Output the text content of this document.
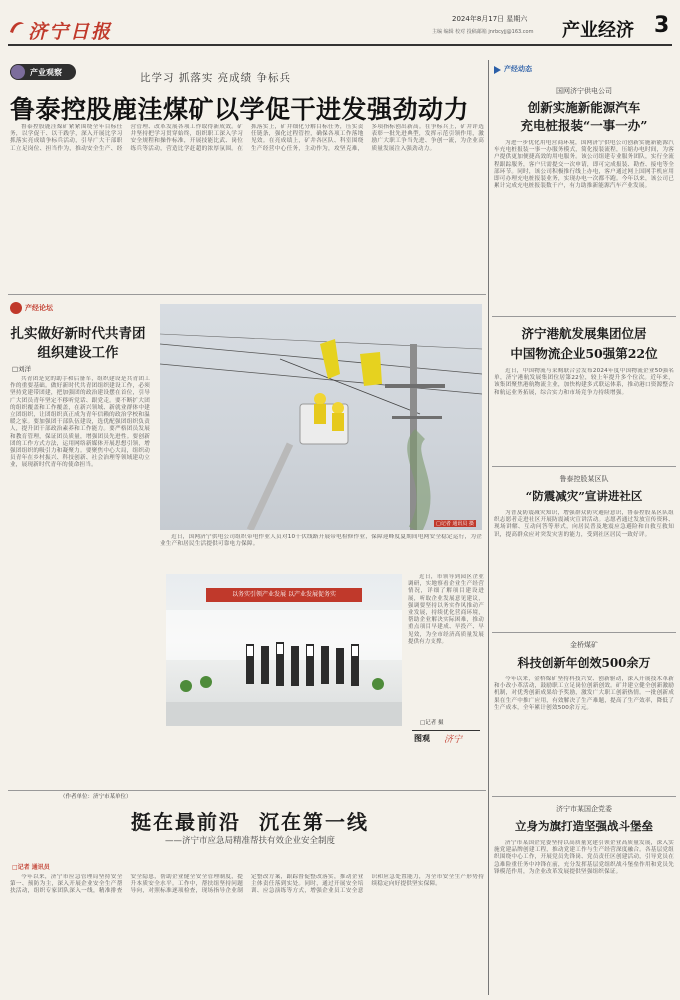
济宁日报
2024年8月17日 星期六
主编 编辑 校对 投稿邮箱 jnrbcyjj@163.com	产业经济 3
产业观察	比学习 抓落实 亮成绩 争标兵
鲁泰控股鹿洼煤矿以学促干进发强劲动力

鲁泰控股鹿洼煤矿紧紧围绕全年目标任务，以学促干、以干践学，深入开展比学习抓落实亮成绩争标兵活动，引导广大干部职工立足岗位、担当作为，推动安全生产、经营管理、改革发展各项工作取得新成效。矿井坚持把学习贯穿始终，组织职工深入学习安全规程和操作标准，开展技能比武、岗位练兵等活动，营造比学赶超的浓厚氛围。在抓落实上，矿井细化分解目标任务，压实责任链条，强化过程管控，确保各项工作落地见效。在亮成绩上，矿井各区队、科室围绕生产经营中心任务，主动作为，攻坚克难，多项指标创出新高。在争标兵上，矿井评选表彰一批先进典型，发挥示范引领作用，激励广大职工争当先进、争创一流，为企业高质量发展注入强劲动力。

产经论坛
扎实做好新时代共青团
组织建设工作
□刘洋

共青团是党的助手和后备军，组织建设是共青团工作的重要基础。做好新时代共青团组织建设工作，必须坚持党建带团建，把加强团的政治建设摆在首位，引导广大团员青年坚定不移听党话、跟党走。要不断扩大团的组织覆盖和工作覆盖，在新兴领域、新就业群体中建立团组织，让团组织真正成为青年信赖的政治学校和温暖之家。要加强团干部队伍建设，选优配强团组织负责人，提升团干部政治素养和工作能力。要严格团员发展和教育管理，保证团员质量，增强团员先进性。要创新团的工作方式方法，运用网络新媒体开展思想引领，增强团组织的吸引力和凝聚力。要聚焦中心大局，组织动员青年在乡村振兴、科技创新、社会治理等领域建功立业，展现新时代青年的使命担当。

（作者单位：济宁市某单位）
□记者 通讯员 摄

近日，国网济宁供电公司组织带电作业人员对10千伏线路开展带电检修作业，保障迎峰度夏期间电网安全稳定运行，为企业生产和居民生活提供可靠电力保障。

以务实引领产业发展 以产业发展促务实

近日，市领导到园区企业调研，实地察看企业生产经营情况，详细了解项目建设进展，听取企业发展意见建议，强调要坚持以务实作风推动产业发展，持续优化营商环境，帮助企业解决实际困难，推动重点项目早建成、早投产、早见效，为全市经济高质量发展提供有力支撑。

□记者 摄
图观 济宁
挺在最前沿  沉在第一线
——济宁市应急局精准帮扶有效企业安全制度
□记者 通讯员

今年以来，济宁市应急管理局坚持安全第一、预防为主，深入开展企业安全生产帮扶活动，组织专家团队深入一线，精准排查安全隐患，帮助企业健全安全管理制度，提升本质安全水平。工作中，帮扶组坚持问题导向，对照标准逐项检查，现场指导企业制定整改方案，跟踪督促整改落实，推动企业主体责任落到实处。同时，通过开展安全培训、应急演练等方式，增强企业员工安全意识和应急处置能力，为全市安全生产形势持续稳定向好提供坚实保障。

产经动态
国网济宁供电公司
创新实施新能源汽车
充电桩报装“一事一办”

为进一步优化用电营商环境，国网济宁供电公司创新实施新能源汽车充电桩报装一事一办服务模式，简化报装流程，压缩办电时间，为客户提供更加便捷高效的用电服务。该公司组建专业服务团队，实行全流程跟踪服务，客户只需提交一次申请，即可完成报装、勘查、接电等全部环节。同时，该公司积极推行线上办电，客户通过网上国网手机应用即可办理充电桩报装业务，实现办电一次都不跑。今年以来，该公司已累计完成充电桩报装数千户，有力助推新能源汽车产业发展。

济宁港航发展集团位居
中国物流企业50强第22位

近日，中国物流与采购联合会发布2024年度中国物流企业50强名单，济宁港航发展集团位居第22位，较上年提升多个位次。近年来，该集团聚焦港航物流主业，加快构建多式联运体系，推动港口资源整合和航运业务拓展，综合实力和市场竞争力持续增强。

鲁泰控股某区队
“防震减灾”宣讲进社区

为普及防震减灾知识，增强群众防灾避险意识，鲁泰控股某区队组织志愿者走进社区开展防震减灾宣讲活动。志愿者通过发放宣传资料、现场讲解、互动问答等形式，向居民普及地震应急避险和自救互救知识，提高群众应对突发灾害的能力，受到社区居民一致好评。

金桥煤矿
科技创新年创效500余万

今年以来，金桥煤矿坚持科技兴安、创新驱动，深入开展技术革新和小改小革活动，鼓励职工立足岗位创新创效。矿井建立健全创新激励机制，对优秀创新成果给予奖励，激发广大职工创新热情。一批创新成果在生产中推广应用，有效解决了生产难题，提高了生产效率，降低了生产成本，全年累计创效500余万元。

济宁市某国企党委
立身为旗打造坚强战斗堡垒

济宁市某国企党委坚持以高质量党建引领企业高质量发展，深入实施党建品牌创建工程，推动党建工作与生产经营深度融合。各基层党组织围绕中心工作，开展党员先锋岗、党员责任区创建活动，引导党员在急难险重任务中冲锋在前，充分发挥基层党组织战斗堡垒作用和党员先锋模范作用，为企业改革发展提供坚强组织保证。
